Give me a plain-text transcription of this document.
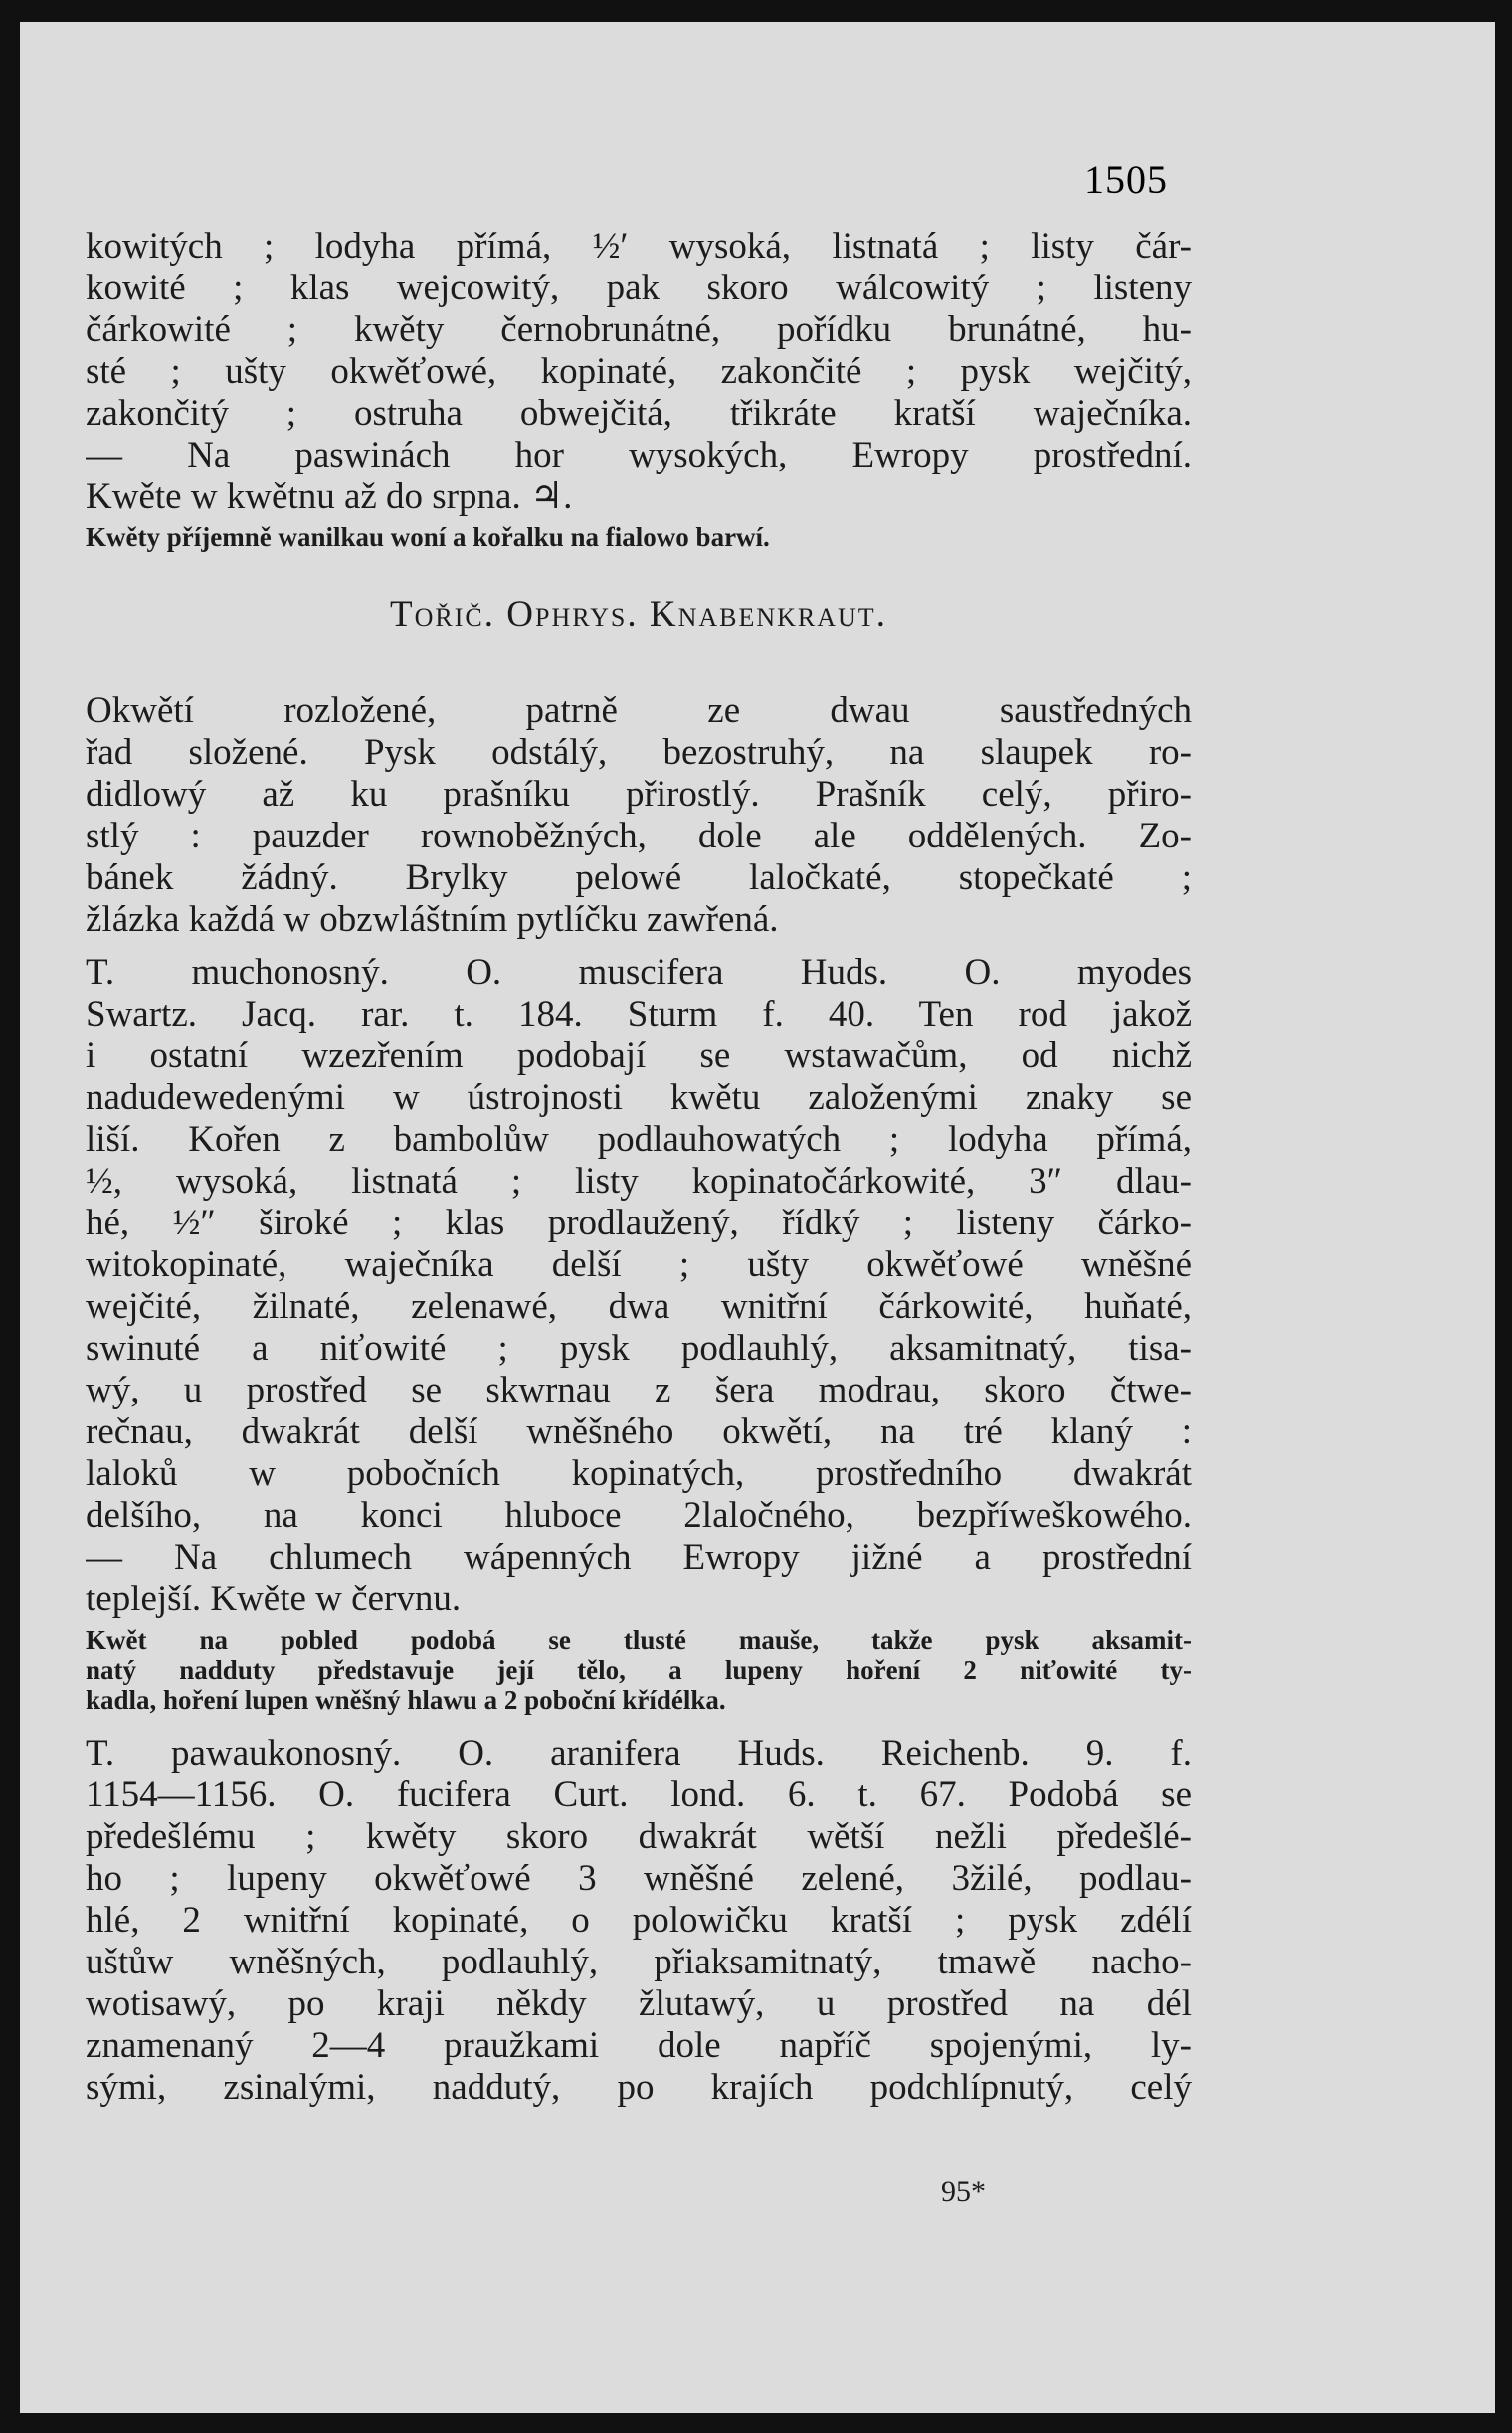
1505
kowitých ; lodyha přímá, ½′ wysoká, listnatá ; listy čár-
kowité ; klas wejcowitý, pak skoro wálcowitý ; listeny
čárkowité ; kwěty černobrunátné, pořídku brunátné, hu-
sté ; ušty okwěťowé, kopinaté, zakončité ; pysk wejčitý,
zakončitý ; ostruha obwejčitá, třikráte kratší waječníka.
— Na paswinách hor wysokých, Ewropy prostřední.
Kwěte w kwětnu až do srpna. ♃.
Kwěty příjemně wanilkau woní a kořalku na fialowo barwí.
Tořič. Ophrys. Knabenkraut.
Okwětí rozložené, patrně ze dwau saustředných
řad složené. Pysk odstálý, bezostruhý, na slaupek ro-
didlowý až ku prašníku přirostlý. Prašník celý, přiro-
stlý : pauzder rownoběžných, dole ale oddělených. Zo-
bánek žádný. Brylky pelowé laločkaté, stopečkaté ;
žlázka každá w obzwláštním pytlíčku zawřená.
T. muchonosný. O. muscifera Huds. O. myodes
Swartz. Jacq. rar. t. 184. Sturm f. 40. Ten rod jakož
i ostatní wzezřením podobají se wstawačům, od nichž
nadudewedenými w ústrojnosti kwětu založenými znaky se
liší. Kořen z bambolůw podlauhowatých ; lodyha přímá,
½, wysoká, listnatá ; listy kopinatočárkowité, 3″ dlau-
hé, ½″ široké ; klas prodlaužený, řídký ; listeny čárko-
witokopinaté, waječníka delší ; ušty okwěťowé wněšné
wejčité, žilnaté, zelenawé, dwa wnitřní čárkowité, huňaté,
swinuté a niťowité ; pysk podlauhlý, aksamitnatý, tisa-
wý, u prostřed se skwrnau z šera modrau, skoro čtwe-
rečnau, dwakrát delší wněšného okwětí, na tré klaný :
laloků w pobočních kopinatých, prostředního dwakrát
delšího, na konci hluboce 2laločného, bezpříweškowého.
— Na chlumech wápenných Ewropy jižné a prostřední
teplejší. Kwěte w červnu.
Kwět na pobled podobá se tlusté mauše, takže pysk aksamit-
natý nadduty představuje její tělo, a lupeny hoření 2 niťowité ty-
kadla, hoření lupen wněšný hlawu a 2 poboční křídélka.
T. pawaukonosný. O. aranifera Huds. Reichenb. 9. f.
1154—1156. O. fucifera Curt. lond. 6. t. 67. Podobá se
předešlému ; kwěty skoro dwakrát wětší nežli předešlé-
ho ; lupeny okwěťowé 3 wněšné zelené, 3žilé, podlau-
hlé, 2 wnitřní kopinaté, o polowičku kratší ; pysk zdélí
uštůw wněšných, podlauhlý, přiaksamitnatý, tmawě nacho-
wotisawý, po kraji někdy žlutawý, u prostřed na dél
znamenaný 2—4 praužkami dole napříč spojenými, ly-
sými, zsinalými, naddutý, po krajích podchlípnutý, celý
95*
